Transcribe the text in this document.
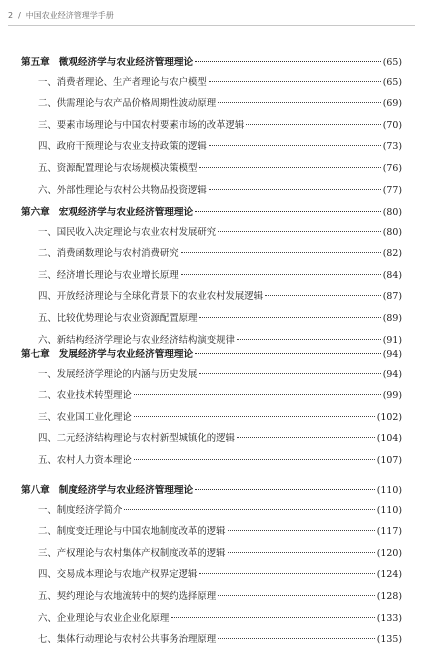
2 / 中国农业经济管理学手册
第五章 微观经济学与农业经济管理理论	(65)
一、消费者理论、生产者理论与农户模型	(65)
二、供需理论与农产品价格周期性波动原理	(69)
三、要素市场理论与中国农村要素市场的改革逻辑	(70)
四、政府干预理论与农业支持政策的逻辑	(73)
五、资源配置理论与农场规模决策模型	(76)
六、外部性理论与农村公共物品投资逻辑	(77)
第六章 宏观经济学与农业经济管理理论	(80)
一、国民收入决定理论与农业农村发展研究	(80)
二、消费函数理论与农村消费研究	(82)
三、经济增长理论与农业增长原理	(84)
四、开放经济理论与全球化背景下的农业农村发展逻辑	(87)
五、比较优势理论与农业资源配置原理	(89)
六、新结构经济学理论与农业经济结构演变规律	(91)
第七章 发展经济学与农业经济管理理论	(94)
一、发展经济学理论的内涵与历史发展	(94)
二、农业技术转型理论	(99)
三、农业国工业化理论	(102)
四、二元经济结构理论与农村新型城镇化的逻辑	(104)
五、农村人力资本理论	(107)
第八章 制度经济学与农业经济管理理论	(110)
一、制度经济学简介	(110)
二、制度变迁理论与中国农地制度改革的逻辑	(117)
三、产权理论与农村集体产权制度改革的逻辑	(120)
四、交易成本理论与农地产权界定逻辑	(124)
五、契约理论与农地流转中的契约选择原理	(128)
六、企业理论与农业企业化原理	(133)
七、集体行动理论与农村公共事务治理原理	(135)
